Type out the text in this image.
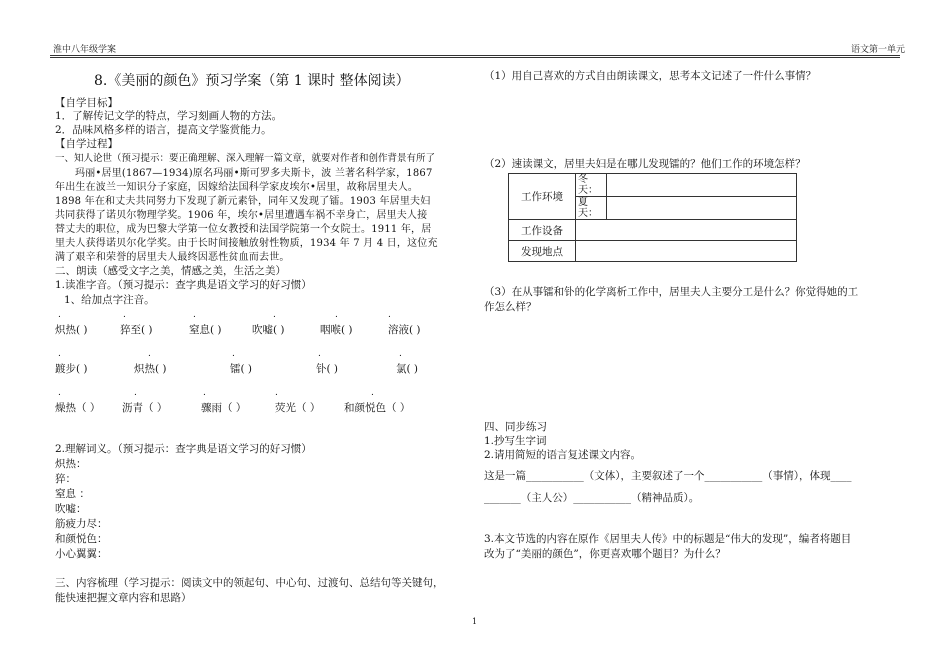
淮中八年级学案	语文第一单元
8.《美丽的颜色》预习学案（第 1 课时 整体阅读）
【自学目标】
1．了解传记文学的特点，学习刻画人物的方法。
2．品味风格多样的语言，提高文学鉴赏能力。
【自学过程】
一、知人论世（预习提示：要正确理解、深入理解一篇文章，就要对作者和创作背景有所了
玛丽•居里(1867—1934)原名玛丽•斯可罗多夫斯卡，波 兰著名科学家，1867
年出生在波兰一知识分子家庭，因嫁给法国科学家皮埃尔•居里，故称居里夫人。
1898 年在和丈夫共同努力下发现了新元素钋，同年又发现了镭。1903 年居里夫妇
共同获得了诺贝尔物理学奖。1906 年，埃尔•居里遭遇车祸不幸身亡，居里夫人接
替丈夫的职位，成为巴黎大学第一位女教授和法国学院第一个女院士。1911 年，居
里夫人获得诺贝尔化学奖。由于长时间接触放射性物质，1934 年 7 月 4 日，这位充
满了艰辛和荣誉的居里夫人最终因恶性贫血而去世。
二、朗读（感受文字之美，情感之美，生活之美）
1.读准字音。（预习提示：查字典是语文学习的好习惯）
1、给加点字注音。
.	.	.	.	.	.
炽热( )	猝至( )	窒息( )	吹嘘( )	咽喉( )	溶液( )
.	.	.	.	.
踱步( )	炽热( )	镭( )	钋( )	氯( )
.	.	.	.	.
燥热（ ） 沥青（ ）	骤雨（ ）	荧光（ ） 和颜悦色（ ）
2.理解词义。（预习提示：查字典是语文学习的好习惯）
炽热：
猝：
窒息 ：
吹嘘：
筋疲力尽：
和颜悦色：
小心翼翼：
三、内容梳理（学习提示：阅读文中的领起句、中心句、过渡句、总结句等关键句，
能快速把握文章内容和思路）
（1）用自己喜欢的方式自由朗读课文，思考本文记述了一件什么事情？
（2）速读课文，居里夫妇是在哪儿发现镭的？他们工作的环境怎样？
工作环境	冬天：	
	夏天：	
工作设备		
发现地点		
（3）在从事镭和钋的化学离析工作中，居里夫人主要分工是什么？你觉得她的工
作怎么样？
四、同步练习
1.抄写生字词
2.请用简短的语言复述课文内容。
这是一篇___________（文体），主要叙述了一个___________（事情），体现____
_______（主人公）___________（精神品质）。
3.本文节选的内容在原作《居里夫人传》中的标题是“伟大的发现”，编者将题目
改为了“美丽的颜色”，你更喜欢哪个题目？为什么？
1
